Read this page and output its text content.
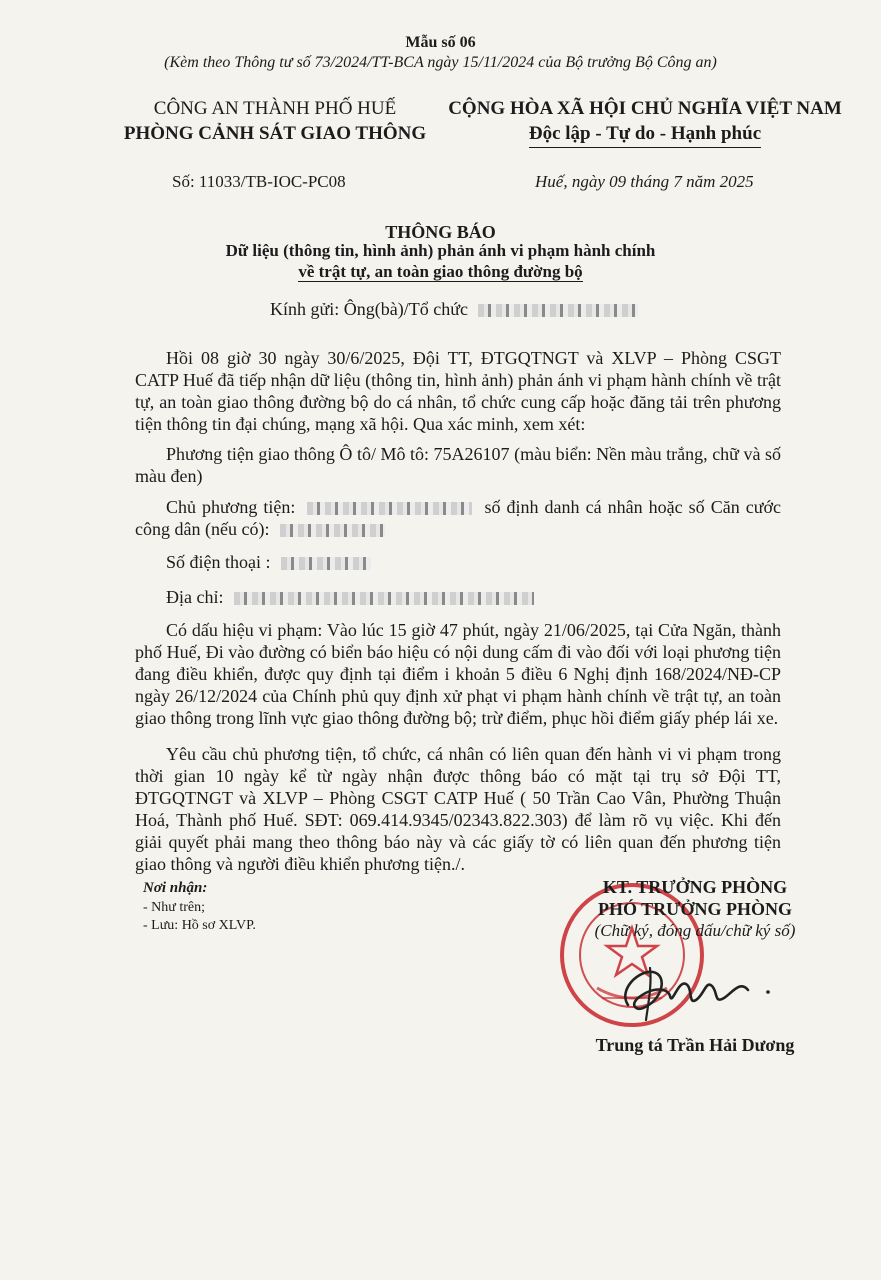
Mẫu số 06
(Kèm theo Thông tư số 73/2024/TT-BCA ngày 15/11/2024 của Bộ trưởng Bộ Công an)
CÔNG AN THÀNH PHỐ HUẾ
PHÒNG CẢNH SÁT GIAO THÔNG
CỘNG HÒA XÃ HỘI CHỦ NGHĨA VIỆT NAM
Độc lập - Tự do - Hạnh phúc
Số: 11033/TB-IOC-PC08	Huế, ngày 09 tháng 7 năm 2025
THÔNG BÁO
Dữ liệu (thông tin, hình ảnh) phản ánh vi phạm hành chính
về trật tự, an toàn giao thông đường bộ
Kính gửi: Ông(bà)/Tổ chức
Hồi 08 giờ 30 ngày 30/6/2025, Đội TT, ĐTGQTNGT và XLVP – Phòng CSGT CATP Huế đã tiếp nhận dữ liệu (thông tin, hình ảnh) phản ánh vi phạm hành chính về trật tự, an toàn giao thông đường bộ do cá nhân, tổ chức cung cấp hoặc đăng tải trên phương tiện thông tin đại chúng, mạng xã hội. Qua xác minh, xem xét:
Phương tiện giao thông Ô tô/ Mô tô: 75A26107 (màu biển: Nền màu trắng, chữ và số màu đen)
Chủ phương tiện:	số định danh cá nhân hoặc số Căn cước công dân (nếu có):
Số điện thoại :
Địa chỉ:
Có dấu hiệu vi phạm: Vào lúc 15 giờ 47 phút, ngày 21/06/2025, tại Cửa Ngăn, thành phố Huế, Đi vào đường có biển báo hiệu có nội dung cấm đi vào đối với loại phương tiện đang điều khiển, được quy định tại điểm i khoản 5 điều 6 Nghị định 168/2024/NĐ-CP ngày 26/12/2024 của Chính phủ quy định xử phạt vi phạm hành chính về trật tự, an toàn giao thông trong lĩnh vực giao thông đường bộ; trừ điểm, phục hồi điểm giấy phép lái xe.
Yêu cầu chủ phương tiện, tổ chức, cá nhân có liên quan đến hành vi vi phạm trong thời gian 10 ngày kể từ ngày nhận được thông báo có mặt tại trụ sở Đội TT, ĐTGQTNGT và XLVP – Phòng CSGT CATP Huế ( 50 Trần Cao Vân, Phường Thuận Hoá, Thành phố Huế. SĐT: 069.414.9345/02343.822.303) để làm rõ vụ việc. Khi đến giải quyết phải mang theo thông báo này và các giấy tờ có liên quan đến phương tiện giao thông và người điều khiển phương tiện./.
Nơi nhận:
- Như trên;
- Lưu: Hồ sơ XLVP.
KT. TRƯỞNG PHÒNG
PHÓ TRƯỞNG PHÒNG
(Chữ ký, đóng dấu/chữ ký số)
Trung tá Trần Hải Dương
